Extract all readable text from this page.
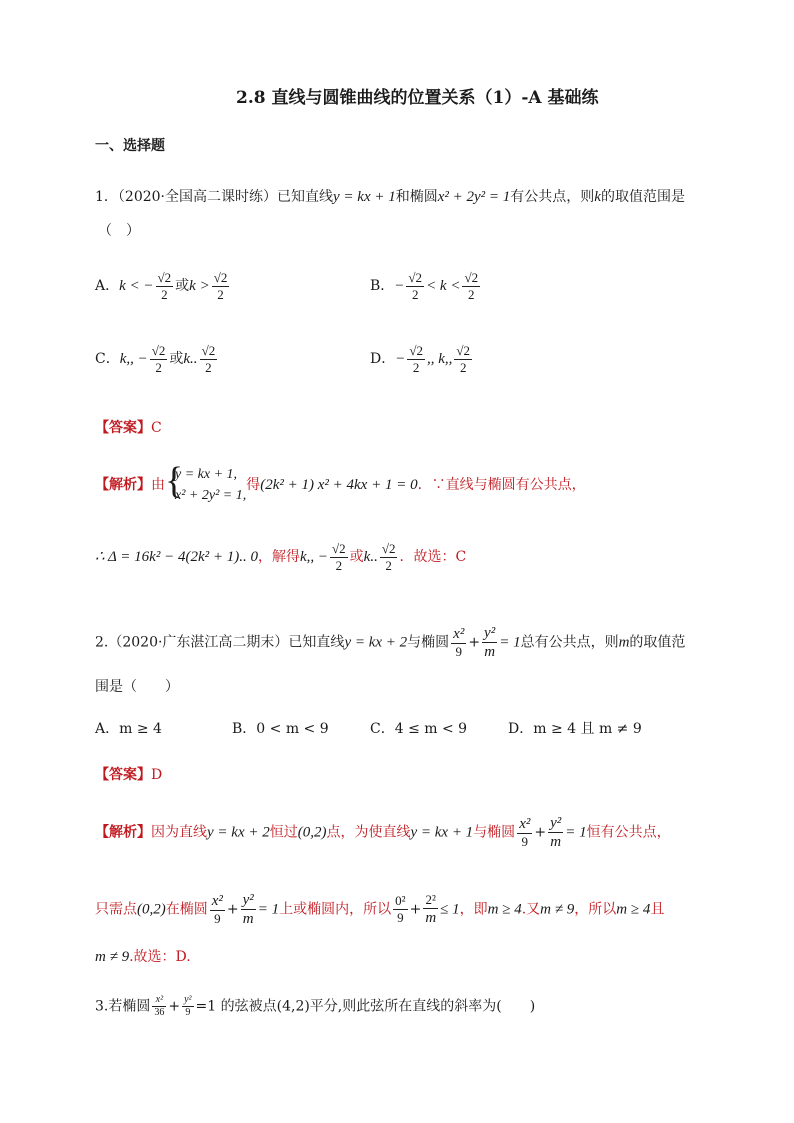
2.8 直线与圆锥曲线的位置关系（1）-A 基础练
一、选择题
1．（2020·全国高二课时练）已知直线y = kx + 1和椭圆x² + 2y² = 1有公共点，则k的取值范围是
（　）
A．k < − $\frac{√2}{2}$ 或$k > \frac{√2}{2}$	B．− $\frac{√2}{2} < k < \frac{√2}{2}$
C．k,, − $\frac{√2}{2}$ 或k.. $\frac{√2}{2}$	D．− $\frac{√2}{2}$ ,, k,, $\frac{√2}{2}$
【答案】C
【解析】由 {
y = kx + 1,
x² + 2y² = 1,
得(2k² + 1) x² + 4kx + 1 = 0．∵直线与椭圆有公共点，
∴ Δ = 16k² − 4(2k² + 1).. 0，解得k,, − $\frac{√2}{2}$ 或k.. $\frac{√2}{2}$ ．故选：C
2.（2020·广东湛江高二期末）已知直线y = kx + 2与椭圆 $\frac{\text{x²}}{9} + \frac{\text{y²}}{m} = 1$总有公共点，则m的取值范
围是（　　）
A．m ≥ 4	B．0 < m < 9	C．4 ≤ m < 9	D．m ≥ 4 且 m ≠ 9
【答案】D
【解析】因为直线y = kx + 2恒过(0,2)点，为使直线y = kx + 1与椭圆 $\frac{\text{x²}}{9} + \frac{\text{y²}}{m} = 1$恒有公共点，
只需点(0,2)在椭圆 $\frac{\text{x²}}{9} + \frac{\text{y²}}{m} = 1$上或椭圆内，所以 $\frac{\text{0²}}{9} + \frac{\text{2²}}{m} \le 1$，即m ≥ 4.又m ≠ 9，所以m ≥ 4且
m ≠ 9.故选：D.
3.若椭圆 $\frac{\text{x²}}{36} + \frac{\text{y²}}{9} =1$ 的弦被点(4,2)平分,则此弦所在直线的斜率为(　　)
